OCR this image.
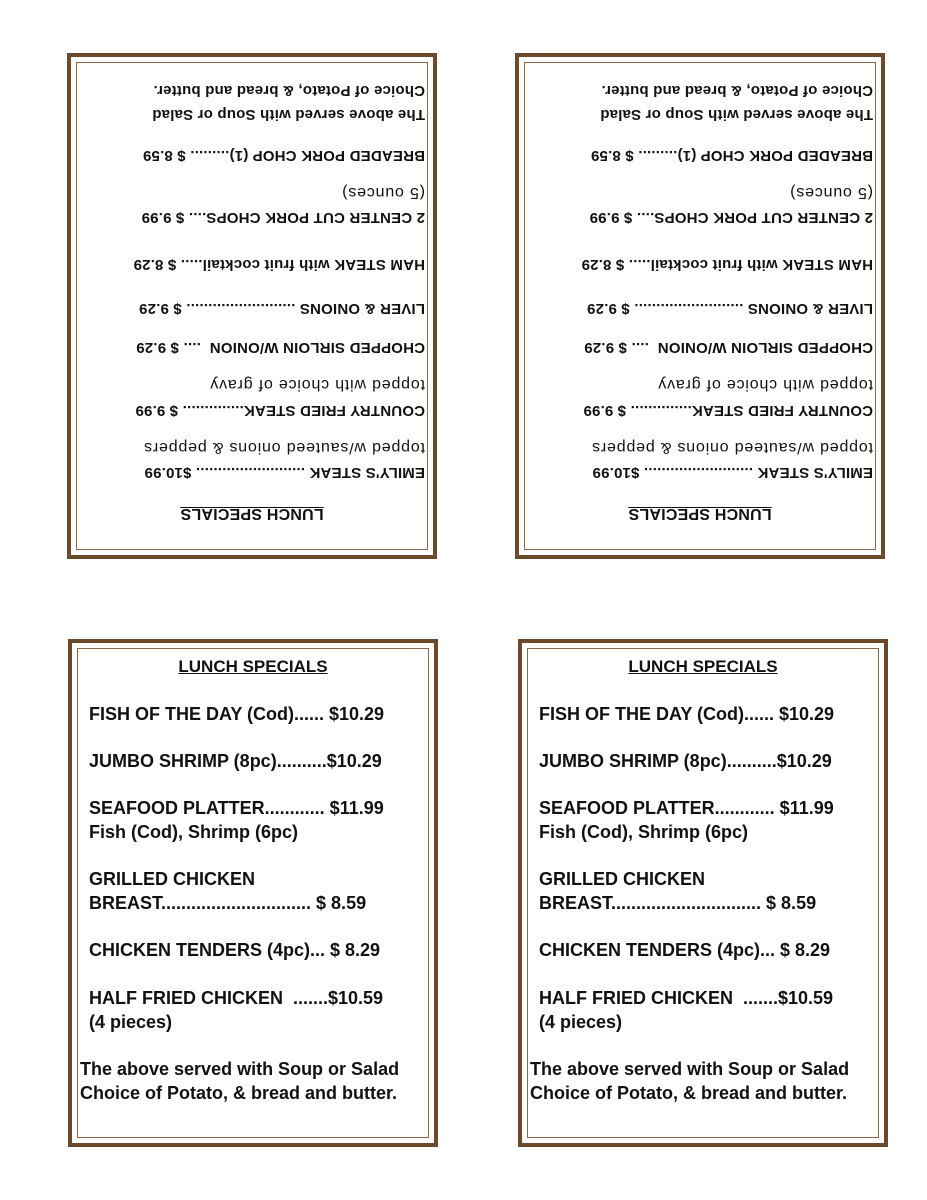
LUNCH SPECIALS
EMILY'S STEAK ......................... $10.99
topped w/sauteed onions & peppers
COUNTRY FRIED STEAK.............. $ 9.99
topped with choice of gravy
CHOPPED SIRLOIN W/ONION  .... $ 9.29
LIVER & ONIONS ......................... $ 9.29
HAM STEAK with fruit cocktail..... $ 8.29
2 CENTER CUT PORK CHOPS.... $ 9.99
(5 ounces)
BREADED PORK CHOP (1)......... $ 8.59
The above served with Soup or Salad
Choice of Potato, & bread and butter.
LUNCH SPECIALS
EMILY'S STEAK ......................... $10.99
topped w/sauteed onions & peppers
COUNTRY FRIED STEAK.............. $ 9.99
topped with choice of gravy
CHOPPED SIRLOIN W/ONION  .... $ 9.29
LIVER & ONIONS ......................... $ 9.29
HAM STEAK with fruit cocktail..... $ 8.29
2 CENTER CUT PORK CHOPS.... $ 9.99
(5 ounces)
BREADED PORK CHOP (1)......... $ 8.59
The above served with Soup or Salad
Choice of Potato, & bread and butter.
LUNCH SPECIALS
FISH OF THE DAY (Cod)...... $10.29
JUMBO SHRIMP (8pc)..........$10.29
SEAFOOD PLATTER............ $11.99
Fish (Cod), Shrimp (6pc)
GRILLED CHICKEN
BREAST.............................. $ 8.59
CHICKEN TENDERS (4pc)... $ 8.29
HALF FRIED CHICKEN  .......$10.59
(4 pieces)
The above served with Soup or Salad
Choice of Potato, & bread and butter.
LUNCH SPECIALS
FISH OF THE DAY (Cod)...... $10.29
JUMBO SHRIMP (8pc)..........$10.29
SEAFOOD PLATTER............ $11.99
Fish (Cod), Shrimp (6pc)
GRILLED CHICKEN
BREAST.............................. $ 8.59
CHICKEN TENDERS (4pc)... $ 8.29
HALF FRIED CHICKEN  .......$10.59
(4 pieces)
The above served with Soup or Salad
Choice of Potato, & bread and butter.
